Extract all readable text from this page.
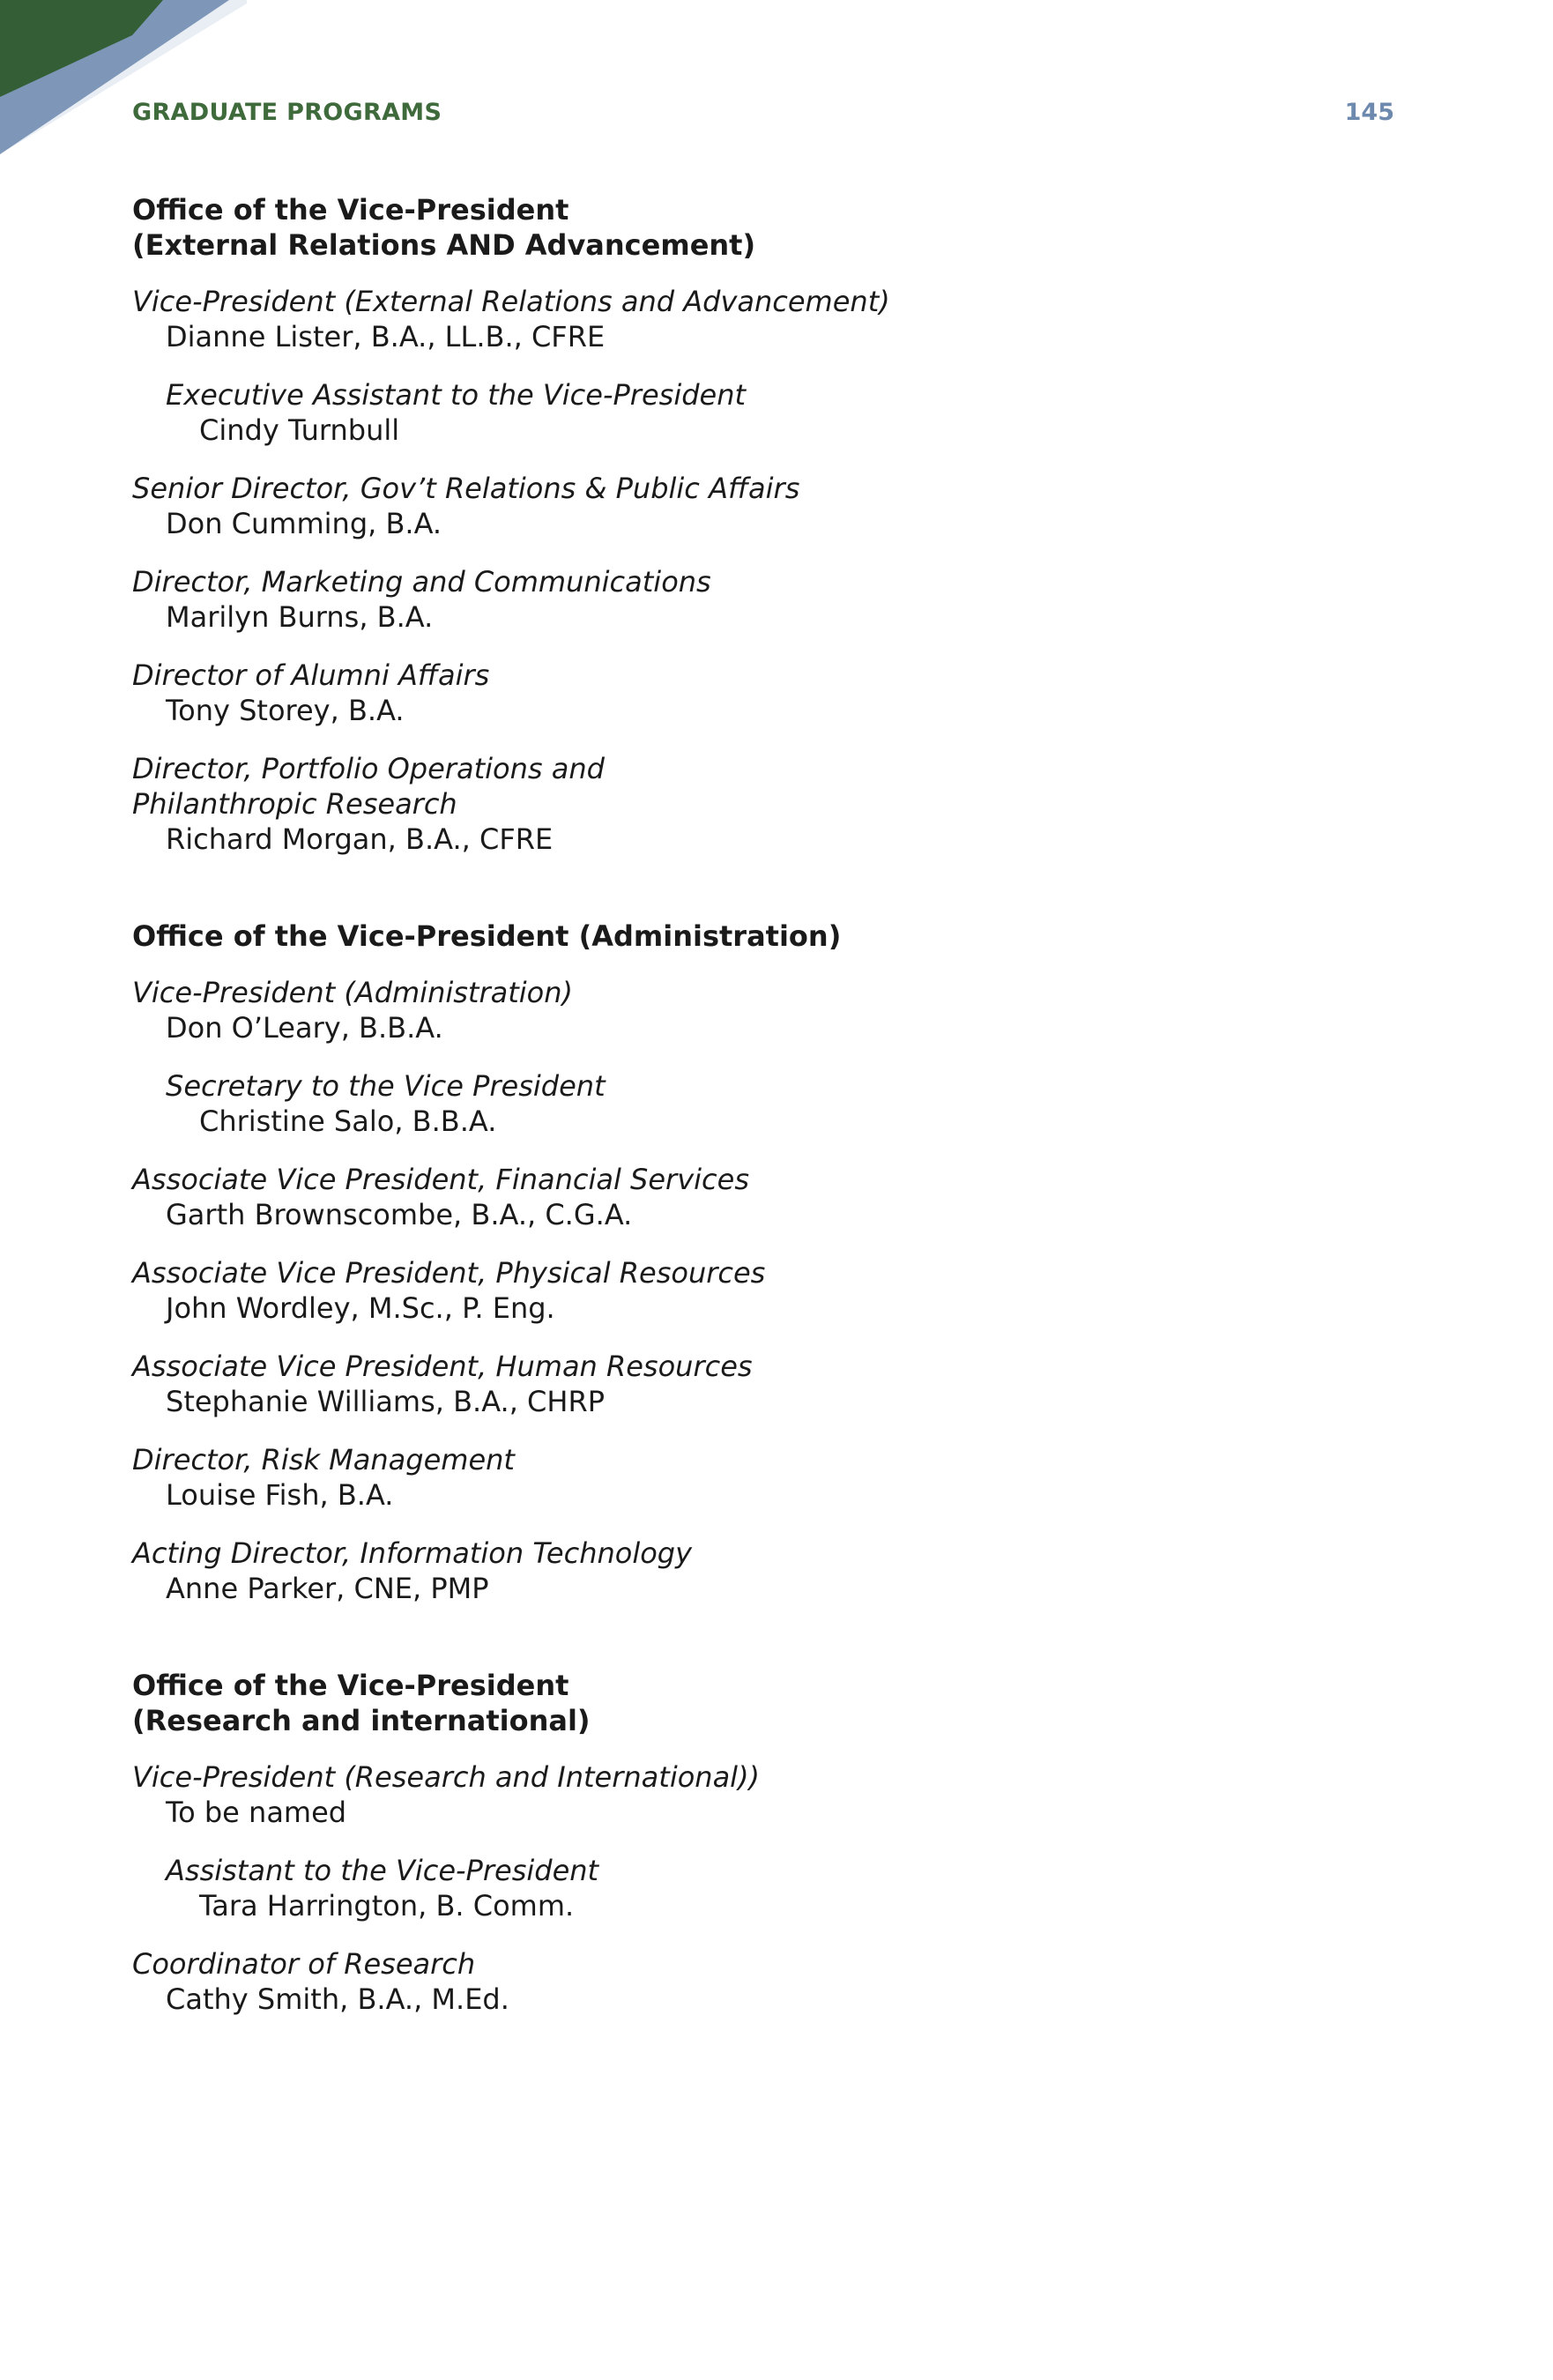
GRADUATE PROGRAMS	145
Office of the Vice-President
(External Relations AND Advancement)
Vice-President (External Relations and Advancement)
Dianne Lister, B.A., LL.B., CFRE
Executive Assistant to the Vice-President
Cindy Turnbull
Senior Director, Gov’t Relations & Public Affairs
Don Cumming, B.A.
Director, Marketing and Communications
Marilyn Burns, B.A.
Director of Alumni Affairs
Tony Storey, B.A.
Director, Portfolio Operations and
Philanthropic Research
Richard Morgan, B.A., CFRE
Office of the Vice-President (Administration)
Vice-President (Administration)
Don O’Leary, B.B.A.
Secretary to the Vice President
Christine Salo, B.B.A.
Associate Vice President, Financial Services
Garth Brownscombe, B.A., C.G.A.
Associate Vice President, Physical Resources
John Wordley, M.Sc., P. Eng.
Associate Vice President, Human Resources
Stephanie Williams, B.A., CHRP
Director, Risk Management
Louise Fish, B.A.
Acting Director, Information Technology
Anne Parker, CNE, PMP
Office of the Vice-President
(Research and international)
Vice-President (Research and International))
To be named
Assistant to the Vice-President
Tara Harrington, B. Comm.
Coordinator of Research
Cathy Smith, B.A., M.Ed.
